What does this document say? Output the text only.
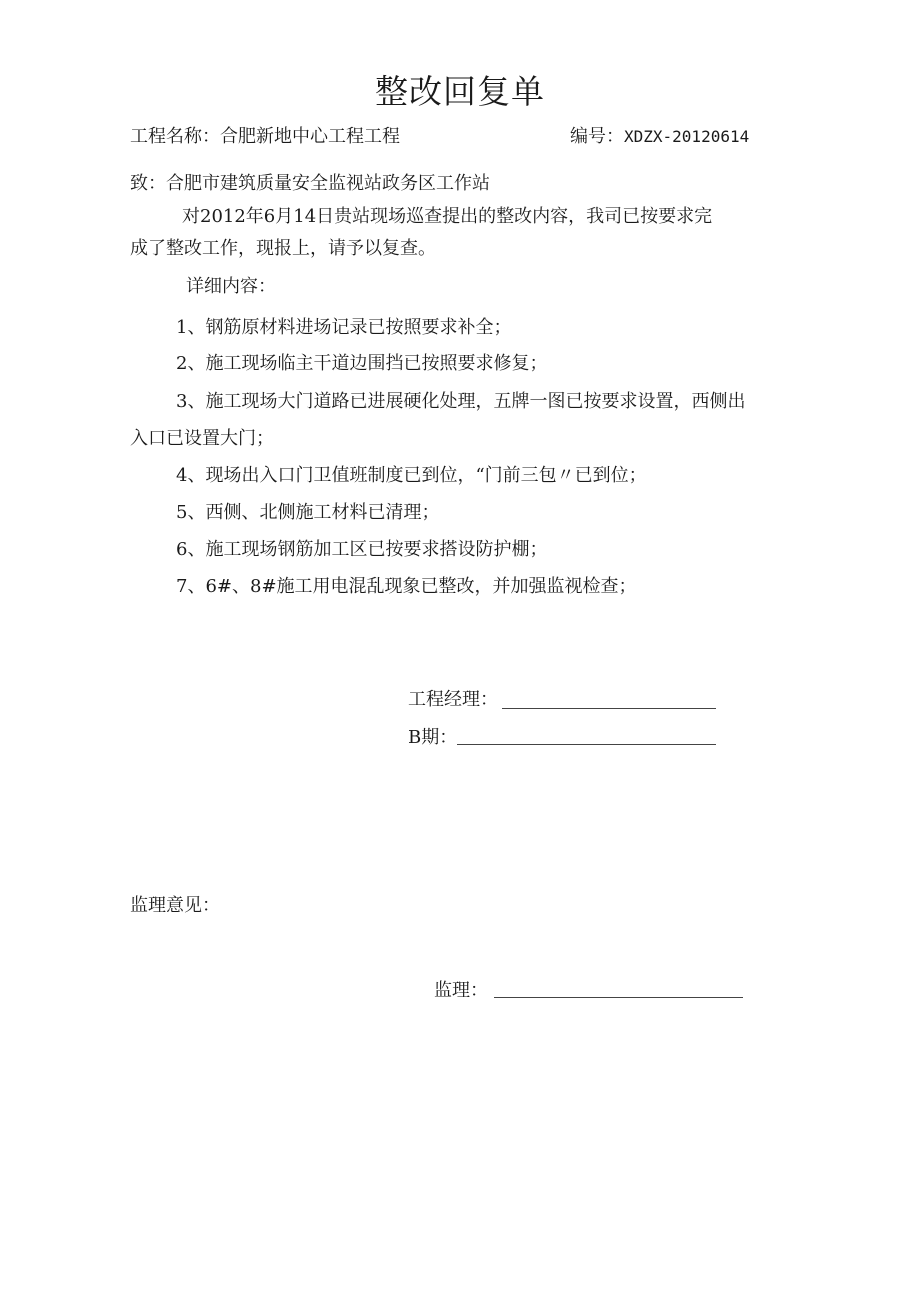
整改回复单
工程名称：合肥新地中心工程工程	编号：XDZX-20120614
致：合肥市建筑质量安全监视站政务区工作站
对2012年6月14日贵站现场巡查提出的整改内容，我司已按要求完
成了整改工作，现报上，请予以复查。
详细内容：
1、钢筋原材料进场记录已按照要求补全；
2、施工现场临主干道边围挡已按照要求修复；
3、施工现场大门道路已进展硬化处理，五牌一图已按要求设置，西侧出
入口已设置大门；
4、现场出入口门卫值班制度已到位，“门前三包〃已到位；
5、西侧、北侧施工材料已清理；
6、施工现场钢筋加工区已按要求搭设防护棚；
7、6#、8#施工用电混乱现象已整改，并加强监视检查；
工程经理：
B期：
监理意见：
监理：
